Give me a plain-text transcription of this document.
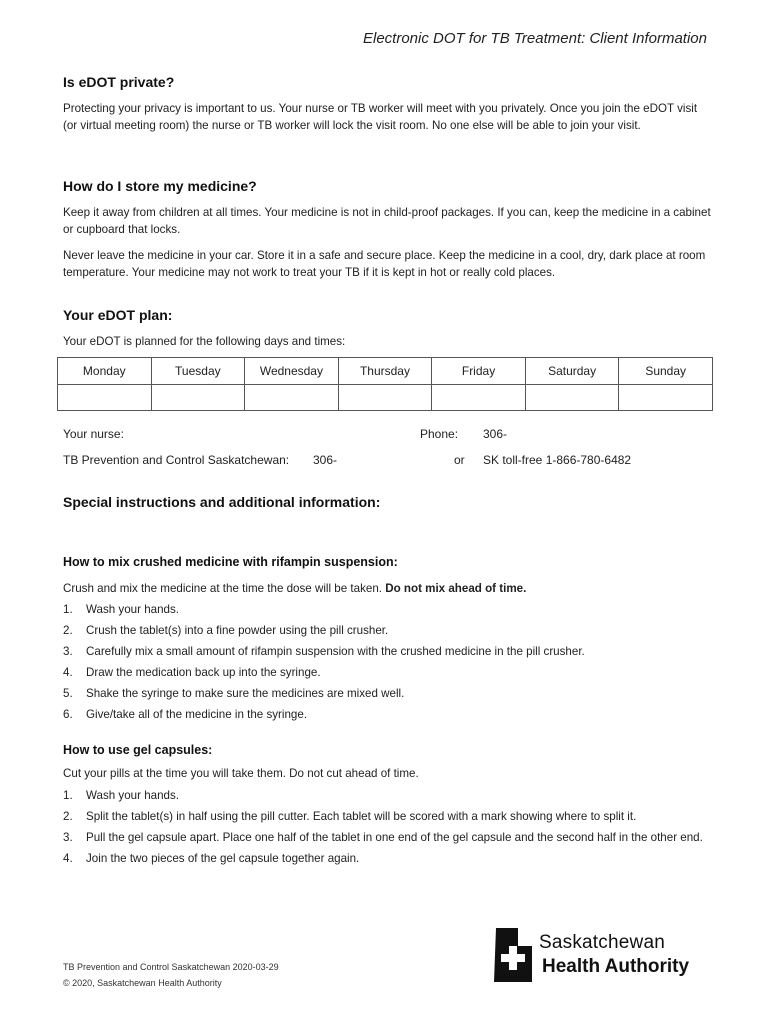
Electronic DOT for TB Treatment: Client Information
Is eDOT private?

Protecting your privacy is important to us. Your nurse or TB worker will meet with you privately. Once you join the eDOT visit (or virtual meeting room) the nurse or TB worker will lock the visit room. No one else will be able to join your visit.

How do I store my medicine?

Keep it away from children at all times. Your medicine is not in child-proof packages. If you can, keep the medicine in a cabinet or cupboard that locks.

Never leave the medicine in your car. Store it in a safe and secure place. Keep the medicine in a cool, dry, dark place at room temperature. Your medicine may not work to treat your TB if it is kept in hot or really cold places.

Your eDOT plan:

Your eDOT is planned for the following days and times:

Monday	Tuesday	Wednesday	Thursday	Friday	Saturday	Sunday

Your nurse:	Phone: 306-
TB Prevention and Control Saskatchewan: 306-	or SK toll-free 1-866-780-6482
Special instructions and additional information:
How to mix crushed medicine with rifampin suspension:

Crush and mix the medicine at the time the dose will be taken. Do not mix ahead of time.

1. Wash your hands.
2. Crush the tablet(s) into a fine powder using the pill crusher.
3. Carefully mix a small amount of rifampin suspension with the crushed medicine in the pill crusher.
4. Draw the medication back up into the syringe.
5. Shake the syringe to make sure the medicines are mixed well.
6. Give/take all of the medicine in the syringe.
How to use gel capsules:

Cut your pills at the time you will take them. Do not cut ahead of time.

1. Wash your hands.
2. Split the tablet(s) in half using the pill cutter. Each tablet will be scored with a mark showing where to split it.
3. Pull the gel capsule apart. Place one half of the tablet in one end of the gel capsule and the second half in the other end.
4. Join the two pieces of the gel capsule together again.
TB Prevention and Control Saskatchewan 2020-03-29
© 2020, Saskatchewan Health Authority
Saskatchewan
Health Authority
